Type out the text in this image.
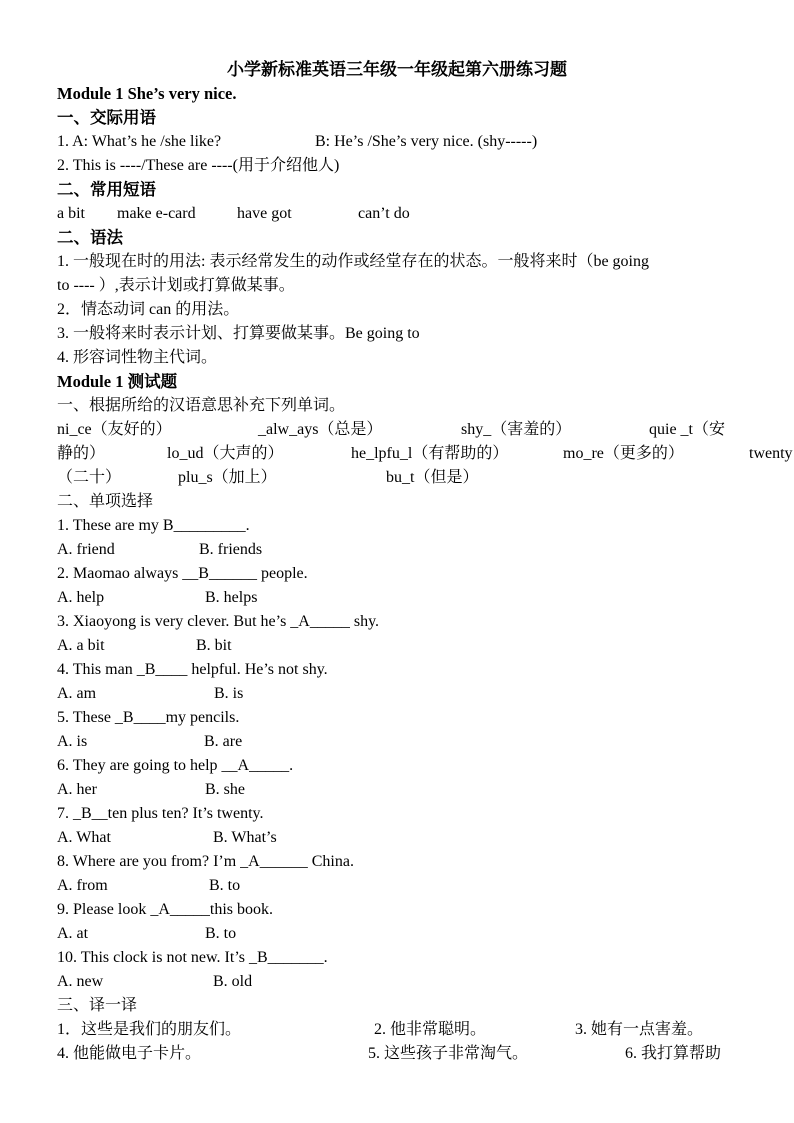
小学新标准英语三年级一年级起第六册练习题
Module 1 She’s very nice.
一、交际用语
1. A: What’s he /she like?	B: He’s /She’s very nice. (shy-----)
2. This is ----/These are ----(用于介绍他人)
二、常用短语
a bit make e-card	have got	can’t do
二、语法
1. 一般现在时的用法: 表示经常发生的动作或经堂存在的状态。一般将来时（be going
to ---- ）,表示计划或打算做某事。
2．情态动词 can 的用法。
3. 一般将来时表示计划、打算要做某事。Be going to
4. 形容词性物主代词。
Module 1 测试题
一、根据所给的汉语意思补充下列单词。
ni_ce（友好的）	_alw_ays（总是）	shy_（害羞的）	quie _t（安
静的）	lo_ud（大声的）	he_lpfu_l（有帮助的）	mo_re（更多的）	twenty
（二十）	plu_s（加上）	bu_t（但是）
二、单项选择
1. These are my B_________.
A. friend	B. friends
2. Maomao always __B______ people.
A. help	B. helps
3. Xiaoyong is very clever. But he’s _A_____ shy.
A. a bit	B. bit
4. This man _B____ helpful. He’s not shy.
A. am	B. is
5. These _B____my pencils.
A. is	B. are
6. They are going to help __A_____.
A. her	B. she
7. _B__ten plus ten? It’s twenty.
A. What	B. What’s
8. Where are you from? I’m _A______ China.
A. from	B. to
9. Please look _A_____this book.
A. at	B. to
10. This clock is not new. It’s _B_______.
A. new	B. old
三、译一译
1．这些是我们的朋友们。	2. 他非常聪明。	3. 她有一点害羞。
4. 他能做电子卡片。	5. 这些孩子非常淘气。	6. 我打算帮助
